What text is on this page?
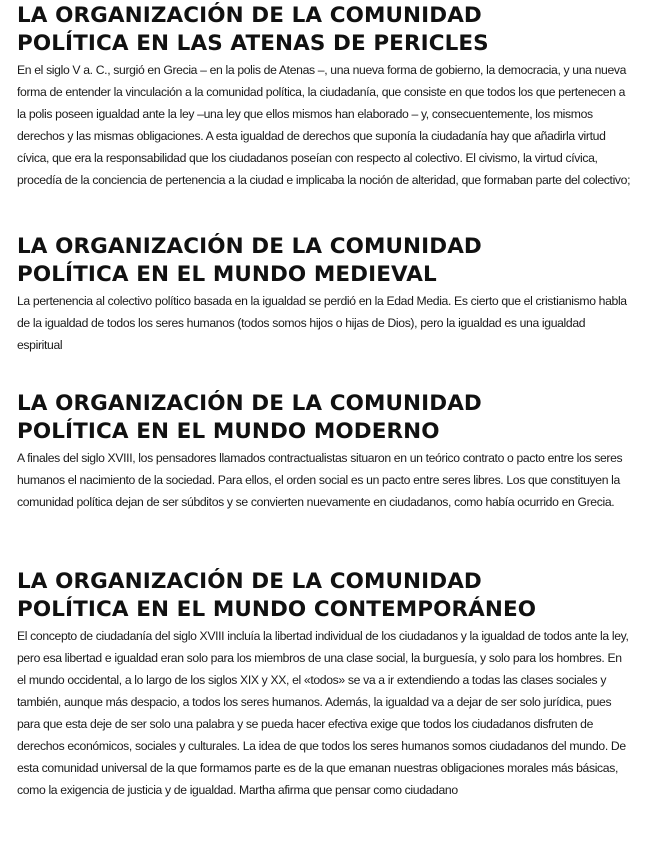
LA ORGANIZACIÓN DE LA COMUNIDAD
POLÍTICA EN LAS ATENAS DE PERICLES

En el siglo V a. C., surgió en Grecia – en la polis de Atenas –, una nueva forma de gobierno, la democracia, y una nueva forma de entender la vinculación a la comunidad política, la ciudadanía, que consiste en que todos los que pertenecen a la polis poseen igualdad ante la ley –una ley que ellos mismos han elaborado – y, consecuentemente, los mismos derechos y las mismas obligaciones. A esta igualdad de derechos que suponía la ciudadanía hay que añadirla virtud cívica, que era la responsabilidad que los ciudadanos poseían con respecto al colectivo. El civismo, la virtud cívica, procedía de la conciencia de pertenencia a la ciudad e implicaba la noción de alteridad, que formaban parte del colectivo;

LA ORGANIZACIÓN DE LA COMUNIDAD
POLÍTICA EN EL MUNDO MEDIEVAL

La pertenencia al colectivo político basada en la igualdad se perdió en la Edad Media. Es cierto que el cristianismo habla de la igualdad de todos los seres humanos (todos somos hijos o hijas de Dios), pero la igualdad es una igualdad espiritual

LA ORGANIZACIÓN DE LA COMUNIDAD
POLÍTICA EN EL MUNDO MODERNO

A finales del siglo XVIII, los pensadores llamados contractualistas situaron en un teórico contrato o pacto entre los seres humanos el nacimiento de la sociedad. Para ellos, el orden social es un pacto entre seres libres. Los que constituyen la comunidad política dejan de ser súbditos y se convierten nuevamente en ciudadanos, como había ocurrido en Grecia.

LA ORGANIZACIÓN DE LA COMUNIDAD
POLÍTICA EN EL MUNDO CONTEMPORÁNEO

El concepto de ciudadanía del siglo XVIII incluía la libertad individual de los ciudadanos y la igualdad de todos ante la ley, pero esa libertad e igualdad eran solo para los miembros de una clase social, la burguesía, y solo para los hombres. En el mundo occidental, a lo largo de los siglos XIX y XX, el «todos» se va a ir extendiendo a todas las clases sociales y también, aunque más despacio, a todos los seres humanos. Además, la igualdad va a dejar de ser solo jurídica, pues para que esta deje de ser solo una palabra y se pueda hacer efectiva exige que todos los ciudadanos disfruten de derechos económicos, sociales y culturales. La idea de que todos los seres humanos somos ciudadanos del mundo. De esta comunidad universal de la que formamos parte es de la que emanan nuestras obligaciones morales más básicas, como la exigencia de justicia y de igualdad. Martha afirma que pensar como ciudadano
